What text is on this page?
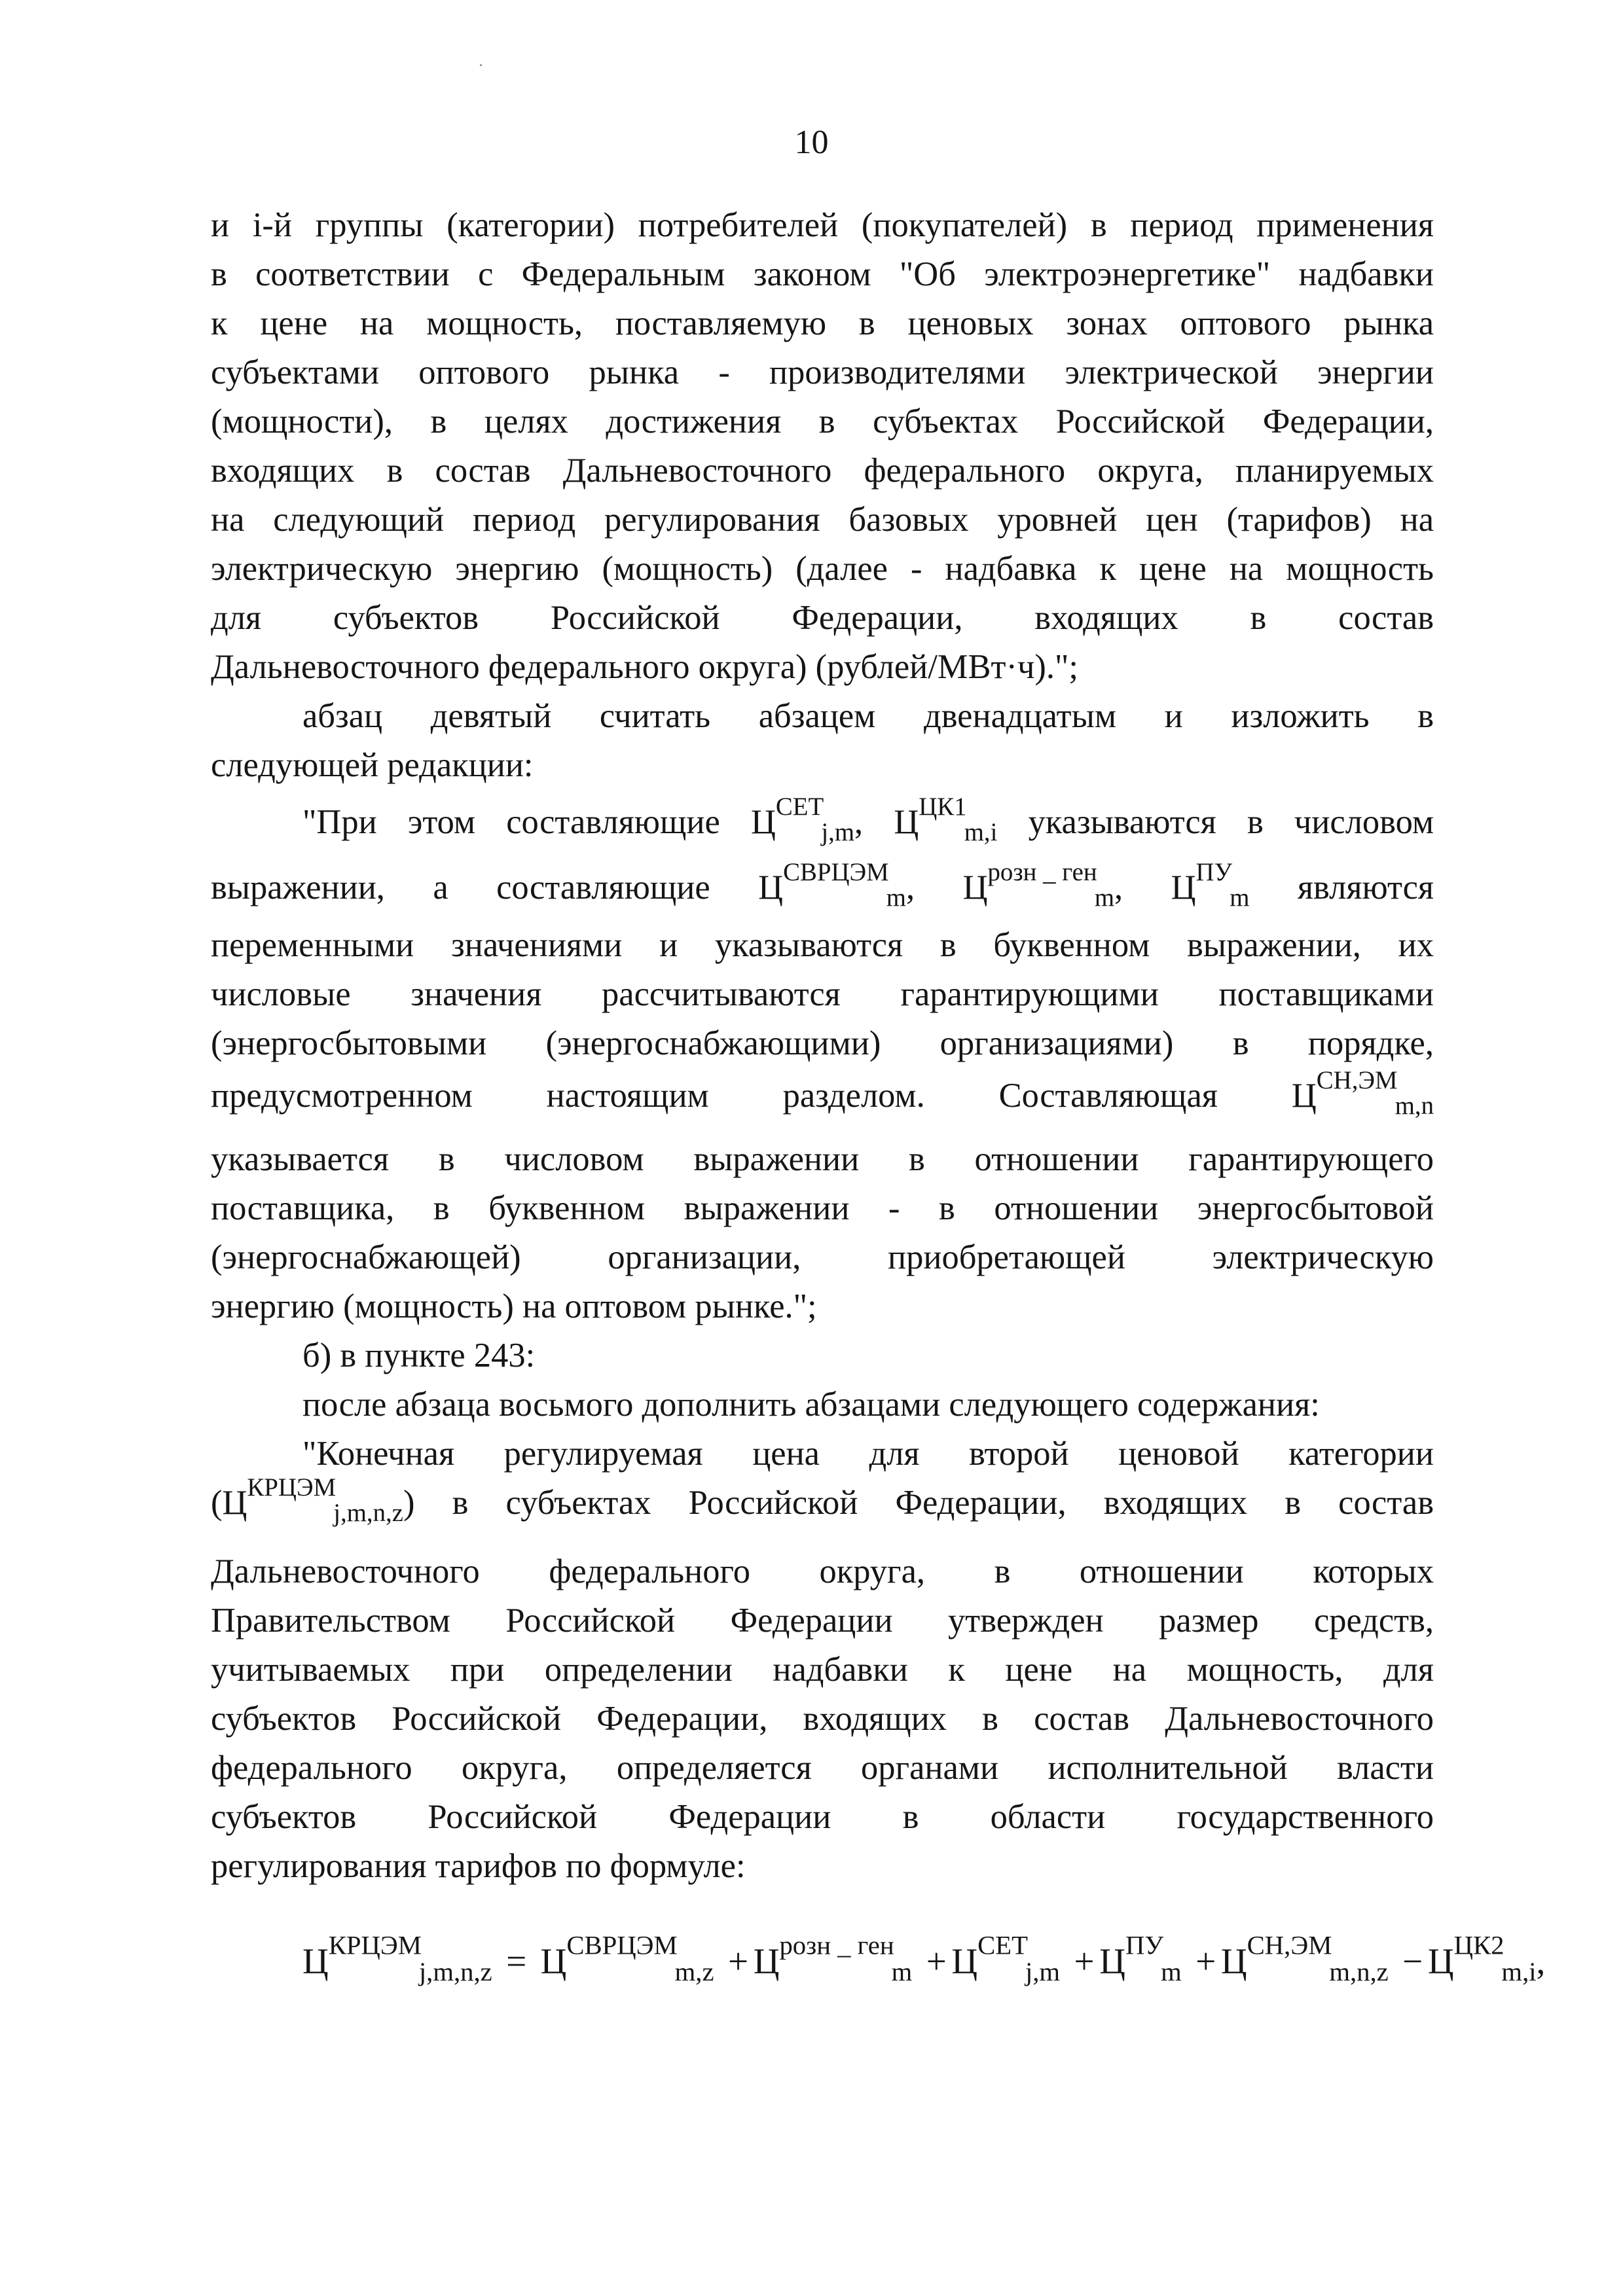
10
и i-й группы (категории) потребителей (покупателей) в период применения
в соответствии с Федеральным законом "Об электроэнергетике" надбавки
к цене на мощность, поставляемую в ценовых зонах оптового рынка
субъектами оптового рынка - производителями электрической энергии
(мощности), в целях достижения в субъектах Российской Федерации,
входящих в состав Дальневосточного федерального округа, планируемых
на следующий период регулирования базовых уровней цен (тарифов) на
электрическую энергию (мощность) (далее - надбавка к цене на мощность
для субъектов Российской Федерации, входящих в состав
Дальневосточного федерального округа) (рублей/МВт·ч).";
абзац девятый считать абзацем двенадцатым и изложить в
следующей редакции:
"При этом составляющие $Ц^{СЕТ}_{j,m}$, $Ц^{ЦК1}_{m,i}$ указываются в числовом
выражении, а составляющие $Ц^{СВРЦЭМ}_m$, $Ц^{розн \_ ген}_m$, $Ц^{ПУ}_m$ являются
переменными значениями и указываются в буквенном выражении, их
числовые значения рассчитываются гарантирующими поставщиками
(энергосбытовыми (энергоснабжающими) организациями) в порядке,
предусмотренном настоящим разделом. Составляющая $Ц^{СН,ЭМ}_{m,n}$
указывается в числовом выражении в отношении гарантирующего
поставщика, в буквенном выражении - в отношении энергосбытовой
(энергоснабжающей) организации, приобретающей электрическую
энергию (мощность) на оптовом рынке.";
б) в пункте 243:
после абзаца восьмого дополнить абзацами следующего содержания:
"Конечная регулируемая цена для второй ценовой категории
$(Ц^{КРЦЭМ}_{j,m,n,z})$ в субъектах Российской Федерации, входящих в состав
Дальневосточного федерального округа, в отношении которых
Правительством Российской Федерации утвержден размер средств,
учитываемых при определении надбавки к цене на мощность, для
субъектов Российской Федерации, входящих в состав Дальневосточного
федерального округа, определяется органами исполнительной власти
субъектов Российской Федерации в области государственного
регулирования тарифов по формуле:
$Ц^{КРЦЭМ}_{j,m,n,z} = Ц^{СВРЦЭМ}_{m,z} + Ц^{розн \_ ген}_m + Ц^{СЕТ}_{j,m} + Ц^{ПУ}_m + Ц^{СН,ЭМ}_{m,n,z} - Ц^{ЦК2}_{m,i}$,
